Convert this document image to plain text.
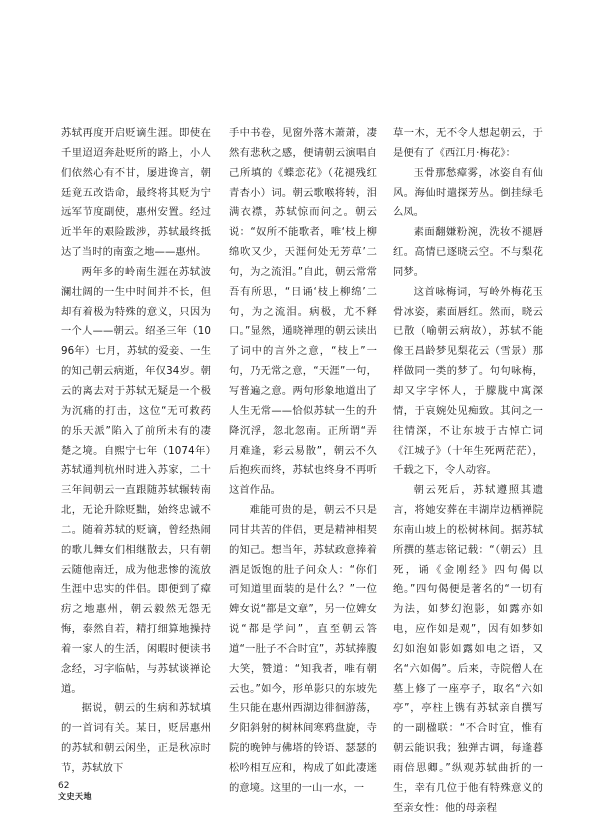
苏轼再度开启贬谪生涯。即使在千里迢迢奔赴贬所的路上，小人们依然心有不甘，屡进谗言，朝廷竟五改诰命，最终将其贬为宁远军节度副使，惠州安置。经过近半年的艰险跋涉，苏轼最终抵达了当时的南蛮之地——惠州。

两年多的岭南生涯在苏轼波澜壮阔的一生中时间并不长，但却有着极为特殊的意义，只因为一个人——朝云。绍圣三年（1096年）七月，苏轼的爱妾、一生的知己朝云病逝，年仅34岁。朝云的离去对于苏轼无疑是一个极为沉痛的打击，这位“无可救药的乐天派”陷入了前所未有的凄楚之境。自熙宁七年（1074年）苏轼通判杭州时进入苏家，二十三年间朝云一直跟随苏轼辗转南北，无论升除贬黜，始终忠诚不二。随着苏轼的贬谪，曾经热闹的歌儿舞女们相继散去，只有朝云随他南迁，成为他悲惨的流放生涯中忠实的伴侣。即便到了瘴疠之地惠州，朝云毅然无怨无悔，泰然自若，精打细算地操持着一家人的生活，闲暇时便读书念经，习字临帖，与苏轼谈禅论道。

据说，朝云的生病和苏轼填的一首词有关。某日，贬居惠州的苏轼和朝云闲坐，正是秋凉时节，苏轼放下

手中书卷，见窗外落木萧萧，凄然有悲秋之感，便请朝云演唱自己所填的《蝶恋花》（花褪残红青杏小）词。朝云歌喉将转，泪满衣襟，苏轼惊而问之。朝云说：“奴所不能歌者，唯‘枝上柳绵吹又少，天涯何处无芳草’二句，为之流泪。”自此，朝云常常吾有所思，“日诵‘枝上柳绵’二句，为之流泪。病极，尤不释口。”显然，通晓禅理的朝云读出了词中的言外之意，“枝上”一句，乃无常之意，“天涯”一句，写普遍之意。两句形象地道出了人生无常——恰似苏轼一生的升降沉浮，忽北忽南。正所谓“弄月难逢，彩云易散”，朝云不久后抱疾而终，苏轼也终身不再听这首作品。

难能可贵的是，朝云不只是同甘共苦的伴侣，更是精神相契的知己。想当年，苏轼政意捧着酒足饭饱的肚子问众人：“你们可知道里面装的是什么？”一位婢女说“都是文章”，另一位婢女说“都是学问”，直至朝云答道“一肚子不合时宜”，苏轼捧腹大笑，赞道：“知我者，唯有朝云也。”如今，形单影只的东坡先生只能在惠州西湖边徘徊游荡，夕阳斜射的树林间寒鸦盘旋，寺院的晚钟与佛塔的铃语、瑟瑟的松吟相互应和，构成了如此凄迷的意境。这里的一山一水，一

草一木，无不令人想起朝云，于是便有了《西江月·梅花》：

玉骨那愁瘴雾，冰姿自有仙风。海仙时遣探芳丛。倒挂绿毛么凤。

素面翻嫌粉涴，洗妆不褪唇红。高情已逐晓云空。不与梨花同梦。

这首咏梅词，写岭外梅花玉骨冰姿，素面唇红。然而，晓云已散（喻朝云病故），苏轼不能像王昌龄梦见梨花云（雪景）那样做同一类的梦了。句句咏梅，却又字字怀人，于朦胧中寓深情，于哀婉处见痴致。其问之一往情深，不让东坡于古悼亡词《江城子》（十年生死两茫茫），千载之下，令人动容。

朝云死后，苏轼遵照其遗言，将她安葬在丰湖岸边栖禅院东南山坡上的松树林间。据苏轼所撰的墓志铭记载：“（朝云）且死，诵《金刚经》四句偈以绝。”四句偈便是著名的“一切有为法，如梦幻泡影，如露亦如电，应作如是观”，因有如梦如幻如泡如影如露如电之语，又名“六如偈”。后来，寺院僧人在墓上修了一座亭子，取名“六如亭”，亭柱上镌有苏轼亲自撰写的一副楹联：“不合时宜，惟有朝云能识我；独弹古调，每逢暮雨倍思卿。”纵观苏轼曲折的一生，幸有几位于他有特殊意义的至亲女性：他的母亲程

62
文史天地
